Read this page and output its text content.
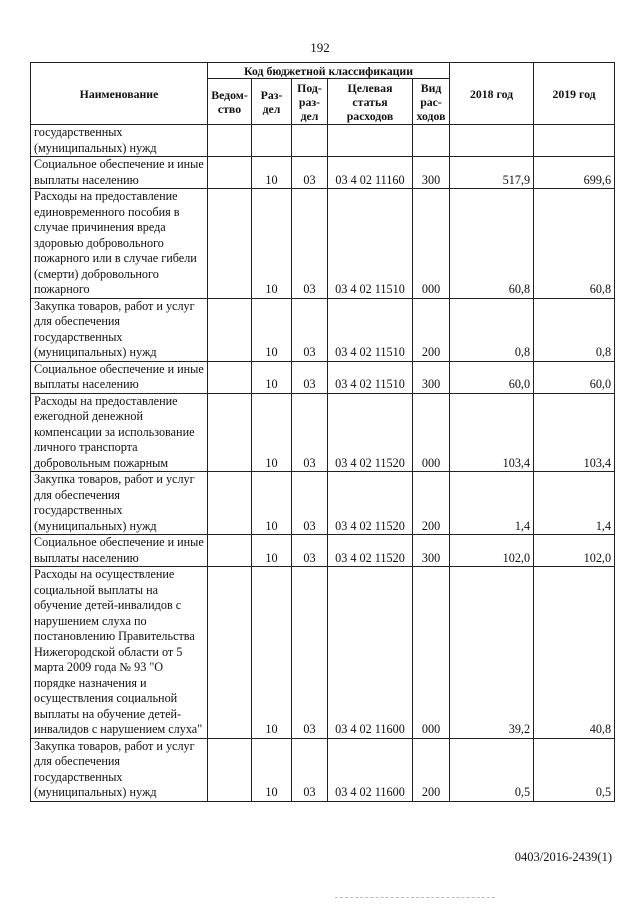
192
Наименование	Код бюджетной классификации					2018 год	2019 год
	Ведом-ство	Раз-дел	Под-раз-дел	Целевая статья расходов	Вид рас-ходов		
государственных (муниципальных) нужд							
Социальное обеспечение и иные выплаты населению		10	03	03 4 02 11160	300	517,9	699,6
Расходы на предоставление единовременного пособия в случае причинения вреда здоровью добровольного пожарного или в случае гибели (смерти) добровольного пожарного		10	03	03 4 02 11510	000	60,8	60,8
Закупка товаров, работ и услуг для обеспечения государственных (муниципальных) нужд		10	03	03 4 02 11510	200	0,8	0,8
Социальное обеспечение и иные выплаты населению		10	03	03 4 02 11510	300	60,0	60,0
Расходы на предоставление ежегодной денежной компенсации за использование личного транспорта добровольным пожарным		10	03	03 4 02 11520	000	103,4	103,4
Закупка товаров, работ и услуг для обеспечения государственных (муниципальных) нужд		10	03	03 4 02 11520	200	1,4	1,4
Социальное обеспечение и иные выплаты населению		10	03	03 4 02 11520	300	102,0	102,0
Расходы на осуществление социальной выплаты на обучение детей-инвалидов с нарушением слуха по постановлению Правительства Нижегородской области от 5 марта 2009 года № 93 "О порядке назначения и осуществления социальной выплаты на обучение детей-инвалидов с нарушением слуха"		10	03	03 4 02 11600	000	39,2	40,8
Закупка товаров, работ и услуг для обеспечения государственных (муниципальных) нужд		10	03	03 4 02 11600	200	0,5	0,5
0403/2016-2439(1)
